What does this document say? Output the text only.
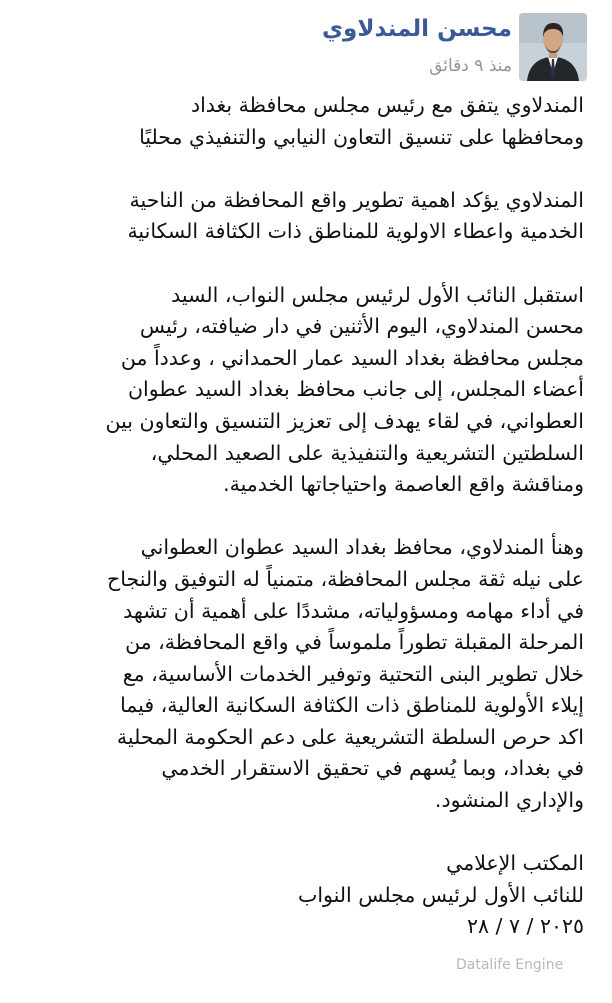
محسن المندلاوي
منذ ٩ دقائق

المندلاوي يتفق مع رئيس مجلس محافظة بغداد
ومحافظها على تنسيق التعاون النيابي والتنفيذي محليًا

المندلاوي يؤكد اهمية تطوير واقع المحافظة من الناحية
الخدمية واعطاء الاولوية للمناطق ذات الكثافة السكانية

استقبل النائب الأول لرئيس مجلس النواب، السيد
محسن المندلاوي، اليوم الأثنين في دار ضيافته، رئيس
مجلس محافظة بغداد السيد عمار الحمداني ، وعدداً من
أعضاء المجلس، إلى جانب محافظ بغداد السيد عطوان
العطواني، في لقاء يهدف إلى تعزيز التنسيق والتعاون بين
السلطتين التشريعية والتنفيذية على الصعيد المحلي،
ومناقشة واقع العاصمة واحتياجاتها الخدمية.

وهنأ المندلاوي، محافظ بغداد السيد عطوان العطواني
على نيله ثقة مجلس المحافظة، متمنياً له التوفيق والنجاح
في أداء مهامه ومسؤولياته، مشددًا على أهمية أن تشهد
المرحلة المقبلة تطوراً ملموساً في واقع المحافظة، من
خلال تطوير البنى التحتية وتوفير الخدمات الأساسية، مع
إيلاء الأولوية للمناطق ذات الكثافة السكانية العالية، فيما
اكد حرص السلطة التشريعية على دعم الحكومة المحلية
في بغداد، وبما يُسهم في تحقيق الاستقرار الخدمي
والإداري المنشود.

المكتب الإعلامي
للنائب الأول لرئيس مجلس النواب
٢٠٢٥ / ٧ / ٢٨

Datalife Engine
